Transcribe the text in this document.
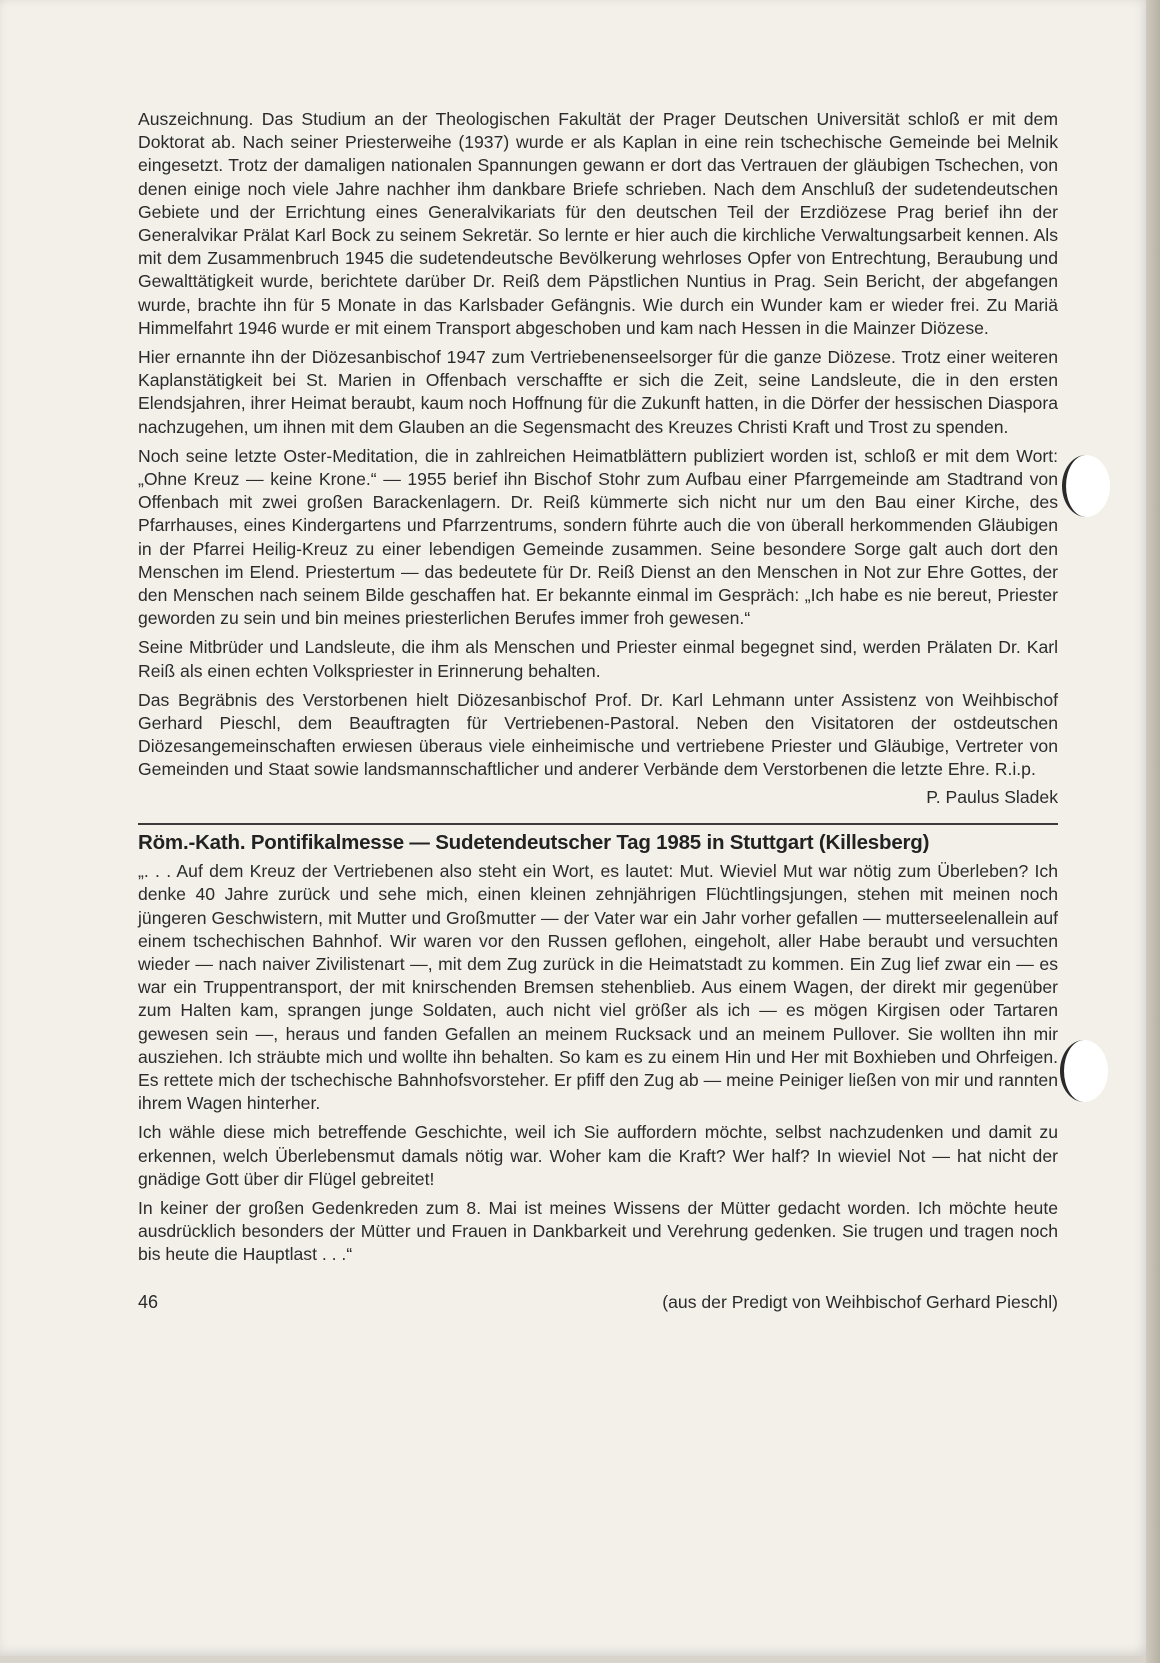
Auszeichnung. Das Studium an der Theologischen Fakultät der Prager Deutschen Universität schloß er mit dem Doktorat ab. Nach seiner Priesterweihe (1937) wurde er als Kaplan in eine rein tschechische Gemeinde bei Melnik eingesetzt. Trotz der damaligen nationalen Spannungen gewann er dort das Vertrauen der gläubigen Tschechen, von denen einige noch viele Jahre nachher ihm dankbare Briefe schrieben. Nach dem Anschluß der sudetendeutschen Gebiete und der Errichtung eines Generalvikariats für den deutschen Teil der Erzdiözese Prag berief ihn der Generalvikar Prälat Karl Bock zu seinem Sekretär. So lernte er hier auch die kirchliche Verwaltungsarbeit kennen. Als mit dem Zusammenbruch 1945 die sudetendeutsche Bevölkerung wehrloses Opfer von Entrechtung, Beraubung und Gewalttätigkeit wurde, berichtete darüber Dr. Reiß dem Päpstlichen Nuntius in Prag. Sein Bericht, der abgefangen wurde, brachte ihn für 5 Monate in das Karlsbader Gefängnis. Wie durch ein Wunder kam er wieder frei. Zu Mariä Himmelfahrt 1946 wurde er mit einem Transport abgeschoben und kam nach Hessen in die Mainzer Diözese.

Hier ernannte ihn der Diözesanbischof 1947 zum Vertriebenenseelsorger für die ganze Diözese. Trotz einer weiteren Kaplanstätigkeit bei St. Marien in Offenbach verschaffte er sich die Zeit, seine Landsleute, die in den ersten Elendsjahren, ihrer Heimat beraubt, kaum noch Hoffnung für die Zukunft hatten, in die Dörfer der hessischen Diaspora nachzugehen, um ihnen mit dem Glauben an die Segensmacht des Kreuzes Christi Kraft und Trost zu spenden.

Noch seine letzte Oster-Meditation, die in zahlreichen Heimatblättern publiziert worden ist, schloß er mit dem Wort: „Ohne Kreuz — keine Krone.“ — 1955 berief ihn Bischof Stohr zum Aufbau einer Pfarrgemeinde am Stadtrand von Offenbach mit zwei großen Barackenlagern. Dr. Reiß kümmerte sich nicht nur um den Bau einer Kirche, des Pfarrhauses, eines Kindergartens und Pfarrzentrums, sondern führte auch die von überall herkommenden Gläubigen in der Pfarrei Heilig-Kreuz zu einer lebendigen Gemeinde zusammen. Seine besondere Sorge galt auch dort den Menschen im Elend. Priestertum — das bedeutete für Dr. Reiß Dienst an den Menschen in Not zur Ehre Gottes, der den Menschen nach seinem Bilde geschaffen hat. Er bekannte einmal im Gespräch: „Ich habe es nie bereut, Priester geworden zu sein und bin meines priesterlichen Berufes immer froh gewesen.“

Seine Mitbrüder und Landsleute, die ihm als Menschen und Priester einmal begegnet sind, werden Prälaten Dr. Karl Reiß als einen echten Volkspriester in Erinnerung behalten.

Das Begräbnis des Verstorbenen hielt Diözesanbischof Prof. Dr. Karl Lehmann unter Assistenz von Weihbischof Gerhard Pieschl, dem Beauftragten für Vertriebenen-Pastoral. Neben den Visitatoren der ostdeutschen Diözesangemeinschaften erwiesen überaus viele einheimische und vertriebene Priester und Gläubige, Vertreter von Gemeinden und Staat sowie landsmannschaftlicher und anderer Verbände dem Verstorbenen die letzte Ehre. R.i.p.

P. Paulus Sladek
Röm.-Kath. Pontifikalmesse — Sudetendeutscher Tag 1985 in Stuttgart (Killesberg)

„. . . Auf dem Kreuz der Vertriebenen also steht ein Wort, es lautet: Mut. Wieviel Mut war nötig zum Überleben? Ich denke 40 Jahre zurück und sehe mich, einen kleinen zehnjährigen Flüchtlingsjungen, stehen mit meinen noch jüngeren Geschwistern, mit Mutter und Großmutter — der Vater war ein Jahr vorher gefallen — mutterseelenallein auf einem tschechischen Bahnhof. Wir waren vor den Russen geflohen, eingeholt, aller Habe beraubt und versuchten wieder — nach naiver Zivilistenart —, mit dem Zug zurück in die Heimatstadt zu kommen. Ein Zug lief zwar ein — es war ein Truppentransport, der mit knirschenden Bremsen stehenblieb. Aus einem Wagen, der direkt mir gegenüber zum Halten kam, sprangen junge Soldaten, auch nicht viel größer als ich — es mögen Kirgisen oder Tartaren gewesen sein —, heraus und fanden Gefallen an meinem Rucksack und an meinem Pullover. Sie wollten ihn mir ausziehen. Ich sträubte mich und wollte ihn behalten. So kam es zu einem Hin und Her mit Boxhieben und Ohrfeigen. Es rettete mich der tschechische Bahnhofsvorsteher. Er pfiff den Zug ab — meine Peiniger ließen von mir und rannten ihrem Wagen hinterher.

Ich wähle diese mich betreffende Geschichte, weil ich Sie auffordern möchte, selbst nachzudenken und damit zu erkennen, welch Überlebensmut damals nötig war. Woher kam die Kraft? Wer half? In wieviel Not — hat nicht der gnädige Gott über dir Flügel gebreitet!

In keiner der großen Gedenkreden zum 8. Mai ist meines Wissens der Mütter gedacht worden. Ich möchte heute ausdrücklich besonders der Mütter und Frauen in Dankbarkeit und Verehrung gedenken. Sie trugen und tragen noch bis heute die Hauptlast . . .“

46	(aus der Predigt von Weihbischof Gerhard Pieschl)
